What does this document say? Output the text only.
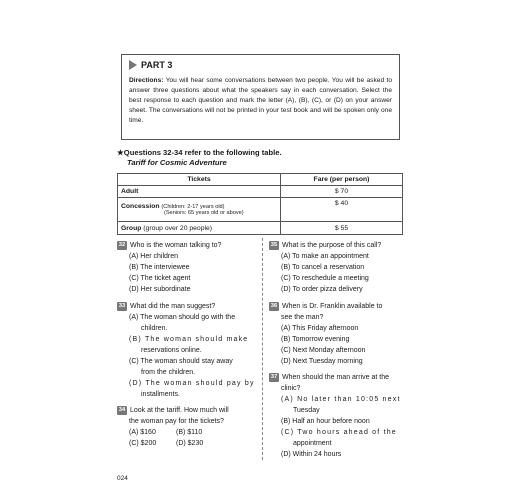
PART 3
Directions: You will hear some conversations between two people. You will be asked to answer three questions about what the speakers say in each conversation. Select the best response to each question and mark the letter (A), (B), (C), or (D) on your answer sheet. The conversations will not be printed in your test book and will be spoken only one time.
★Questions 32-34 refer to the following table.
Tariff for Cosmic Adventure
Tickets	Fare (per person)
Adult	$ 70

Concession (Children: 2-17 years old)
(Seniors: 65 years old or above)	$ 40
Group (group over 20 people)	$ 55
32 Who is the woman talking to?
(A) Her children
(B) The interviewee
(C) The ticket agent
(D) Her subordinate
33 What did the man suggest?
(A) The woman should go with the
children.
(B) The woman should make
reservations online.
(C) The woman should stay away
from the children.
(D) The woman should pay by
installments.
34 Look at the tariff. How much will
the woman pay for the tickets?
(A) $160	(B) $110
(C) $200	(D) $230
35 What is the purpose of this call?
(A) To make an appointment
(B) To cancel a reservation
(C) To reschedule a meeting
(D) To order pizza delivery
36 When is Dr. Franklin available to
see the man?
(A) This Friday afternoon
(B) Tomorrow evening
(C) Next Monday afternoon
(D) Next Tuesday morning
37 When should the man arrive at the
clinic?
(A) No later than 10:05 next
Tuesday
(B) Half an hour before noon
(C) Two hours ahead of the
appointment
(D) Within 24 hours
024
